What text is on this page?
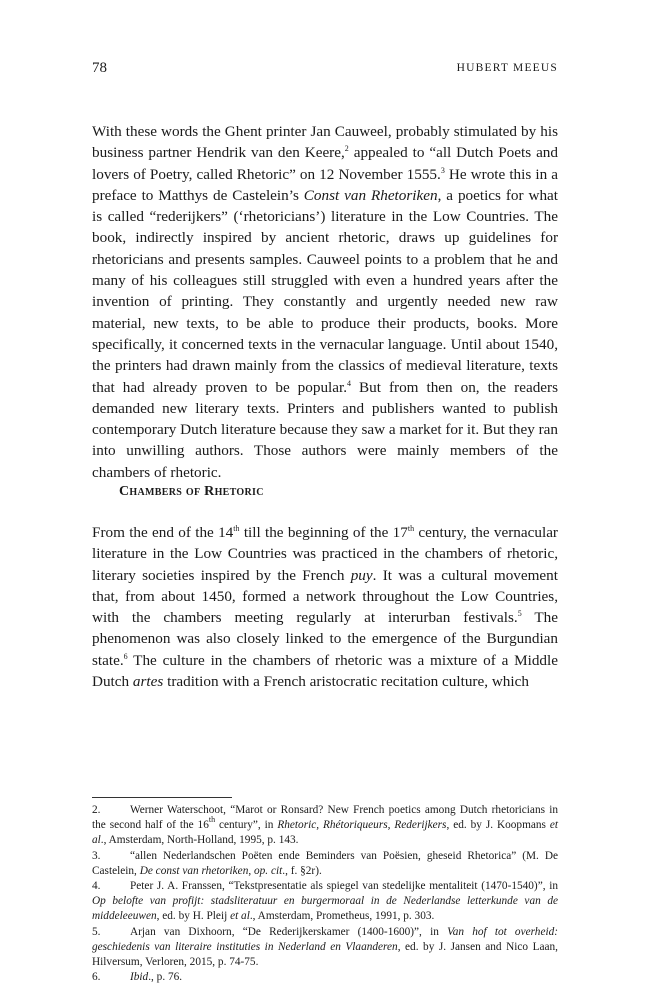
78	HUBERT MEEUS

With these words the Ghent printer Jan Cauweel, probably stimulated by his business partner Hendrik van den Keere,$^2$ appealed to “all Dutch Poets and lovers of Poetry, called Rhetoric” on 12 November 1555.$^3$ He wrote this in a preface to Matthys de Castelein’s Const van Rhetoriken, a poetics for what is called “rederijkers” (‘rhetoricians’) literature in the Low Countries. The book, indirectly inspired by ancient rhetoric, draws up guidelines for rhetoricians and presents samples. Cauweel points to a problem that he and many of his colleagues still struggled with even a hundred years after the invention of printing. They constantly and urgently needed new raw material, new texts, to be able to produce their products, books. More specifically, it concerned texts in the vernacular language. Until about 1540, the printers had drawn mainly from the classics of medieval literature, texts that had already proven to be popular.$^4$ But from then on, the readers demanded new literary texts. Printers and publishers wanted to publish contemporary Dutch literature because they saw a market for it. But they ran into unwilling authors. Those authors were mainly members of the chambers of rhetoric.

Chambers of Rhetoric

From the end of the 14th till the beginning of the 17th century, the vernacular literature in the Low Countries was practiced in the chambers of rhetoric, literary societies inspired by the French puy. It was a cultural movement that, from about 1450, formed a network throughout the Low Countries, with the chambers meeting regularly at interurban festivals.$^5$ The phenomenon was also closely linked to the emergence of the Burgundian state.$^6$ The culture in the chambers of rhetoric was a mixture of a Middle Dutch artes tradition with a French aristocratic recitation culture, which

2.	Werner Waterschoot, “Marot or Ronsard? New French poetics among Dutch rhetoricians in the second half of the 16th century”, in Rhetoric, Rhétoriqueurs, Rederijkers, ed. by J. Koopmans et al., Amsterdam, North-Holland, 1995, p. 143.

3.	“allen Nederlandschen Poëten ende Beminders van Poësien, gheseid Rhetorica” (M. De Castelein, De const van rhetoriken, op. cit., f. §2r).

4.	Peter J. A. Franssen, “Tekstpresentatie als spiegel van stedelijke mentaliteit (1470-1540)”, in Op belofte van profijt: stadsliteratuur en burgermoraal in de Nederlandse letterkunde van de middeleeuwen, ed. by H. Pleij et al., Amsterdam, Prometheus, 1991, p. 303.

5.	Arjan van Dixhoorn, “De Rederijkerskamer (1400-1600)”, in Van hof tot overheid: geschiedenis van literaire instituties in Nederland en Vlaanderen, ed. by J. Jansen and Nico Laan, Hilversum, Verloren, 2015, p. 74-75.

6.	Ibid., p. 76.
